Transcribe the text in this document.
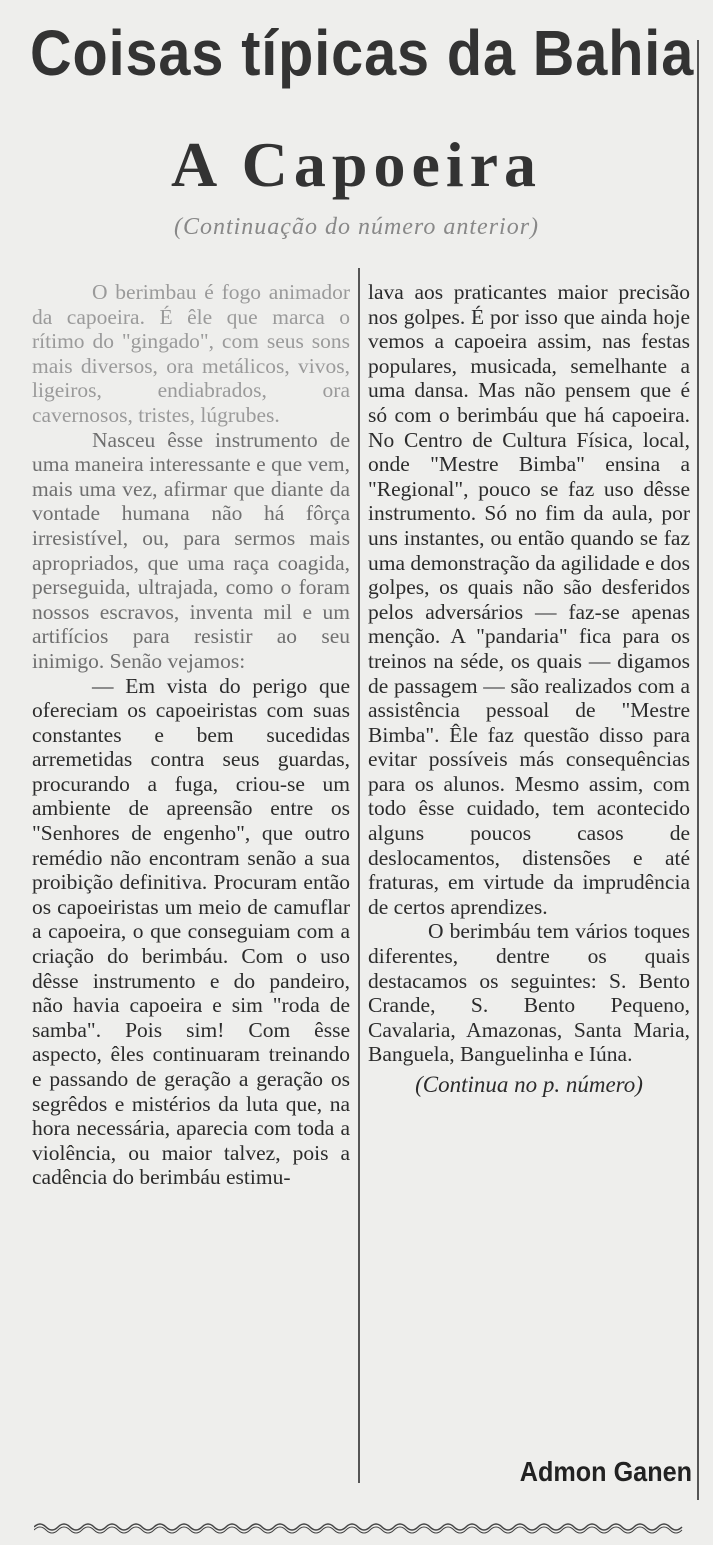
Coisas típicas da Bahia
A Capoeira
(Continuação do número anterior)

O berimbau é fogo animador da capoeira. É êle que marca o rítimo do "gingado", com seus sons mais diversos, ora metálicos, vivos, ligeiros, endiabrados, ora cavernosos, tristes, lúgrubes.

Nasceu êsse instrumento de uma maneira interessante e que vem, mais uma vez, afirmar que diante da vontade humana não há fôrça irresistível, ou, para sermos mais apropriados, que uma raça coagida, perseguida, ultrajada, como o foram nossos escravos, inventa mil e um artifícios para resistir ao seu inimigo. Senão vejamos:

— Em vista do perigo que ofereciam os capoeiristas com suas constantes e bem sucedidas arremetidas contra seus guardas, procurando a fuga, criou-se um ambiente de apreensão entre os "Senhores de engenho", que outro remédio não encontram senão a sua proibição definitiva. Procuram então os capoeiristas um meio de camuflar a capoeira, o que conseguiam com a criação do berimbáu. Com o uso dêsse instrumento e do pandeiro, não havia capoeira e sim "roda de samba". Pois sim! Com êsse aspecto, êles continuaram treinando e passando de geração a geração os segrêdos e mistérios da luta que, na hora necessária, aparecia com toda a violência, ou maior talvez, pois a cadência do berimbáu estimu-

lava aos praticantes maior precisão nos golpes. É por isso que ainda hoje vemos a capoeira assim, nas festas populares, musicada, semelhante a uma dansa. Mas não pensem que é só com o berimbáu que há capoeira. No Centro de Cultura Física, local, onde "Mestre Bimba" ensina a "Regional", pouco se faz uso dêsse instrumento. Só no fim da aula, por uns instantes, ou então quando se faz uma demonstração da agilidade e dos golpes, os quais não são desferidos pelos adversários — faz-se apenas menção. A "pandaria" fica para os treinos na séde, os quais — digamos de passagem — são realizados com a assistência pessoal de "Mestre Bimba". Êle faz questão disso para evitar possíveis más consequências para os alunos. Mesmo assim, com todo êsse cuidado, tem acontecido alguns poucos casos de deslocamentos, distensões e até fraturas, em virtude da imprudência de certos aprendizes.

O berimbáu tem vários toques diferentes, dentre os quais destacamos os seguintes: S. Bento Crande, S. Bento Pequeno, Cavalaria, Amazonas, Santa Maria, Banguela, Banguelinha e Iúna.

(Continua no p. número)
Admon Ganen
